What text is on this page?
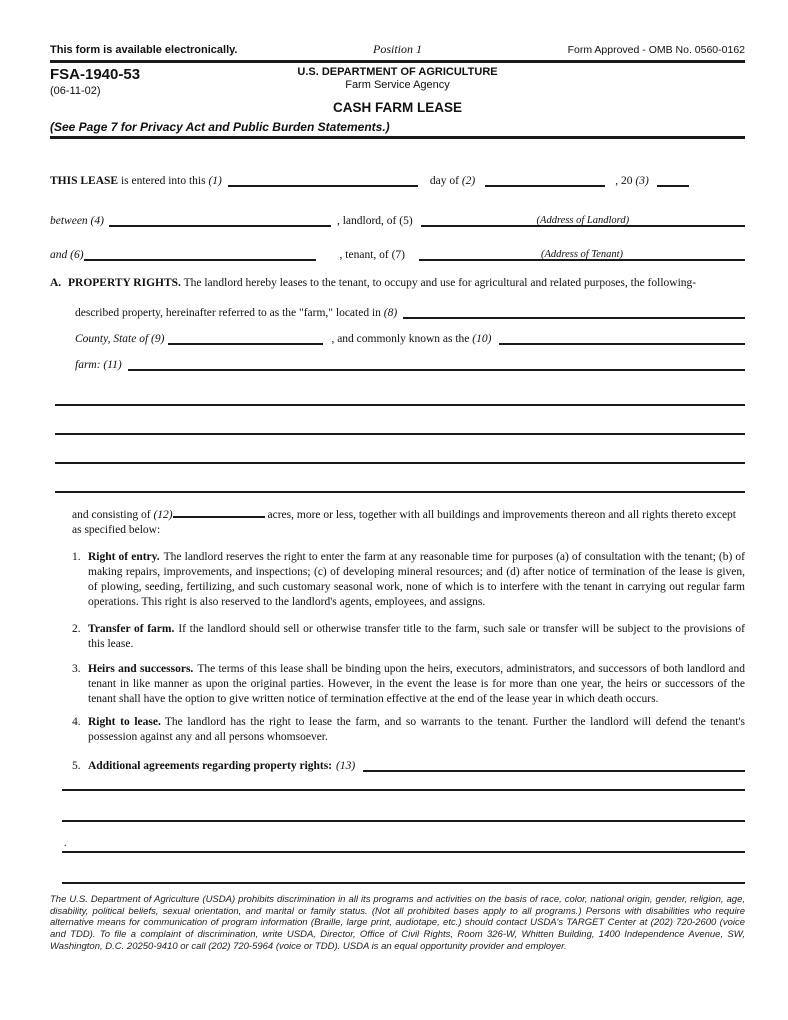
This form is available electronically.	Position 1	Form Approved - OMB No. 0560-0162
FSA-1940-53
(06-11-02)
U.S. DEPARTMENT OF AGRICULTURE
Farm Service Agency
CASH FARM LEASE
(See Page 7 for Privacy Act and Public Burden Statements.)
THIS LEASE is entered into this (1)	day of (2)	, 20 (3)
between (4)	, landlord, of (5)	(Address of Landlord)
and (6)	, tenant, of (7)	(Address of Tenant)
A. PROPERTY RIGHTS. The landlord hereby leases to the tenant, to occupy and use for agricultural and related purposes, the following-
described property, hereinafter referred to as the "farm," located in (8)
County, State of (9)	, and commonly known as the (10)
farm: (11)
and consisting of (12)	acres, more or less, together with all buildings and improvements thereon and all rights thereto except as specified below:
1. Right of entry. The landlord reserves the right to enter the farm at any reasonable time for purposes (a) of consultation with the tenant; (b) of making repairs, improvements, and inspections; (c) of developing mineral resources; and (d) after notice of termination of the lease is given, of plowing, seeding, fertilizing, and such customary seasonal work, none of which is to interfere with the tenant in carrying out regular farm operations. This right is also reserved to the landlord's agents, employees, and assigns.
2. Transfer of farm. If the landlord should sell or otherwise transfer title to the farm, such sale or transfer will be subject to the provisions of this lease.
3. Heirs and successors. The terms of this lease shall be binding upon the heirs, executors, administrators, and successors of both landlord and tenant in like manner as upon the original parties. However, in the event the lease is for more than one year, the heirs or successors of the tenant shall have the option to give written notice of termination effective at the end of the lease year in which death occurs.
4. Right to lease. The landlord has the right to lease the farm, and so warrants to the tenant. Further the landlord will defend the tenant's possession against any and all persons whomsoever.
5. Additional agreements regarding property rights: (13)
.
The U.S. Department of Agriculture (USDA) prohibits discrimination in all its programs and activities on the basis of race, color, national origin, gender, religion, age, disability, political beliefs, sexual orientation, and marital or family status. (Not all prohibited bases apply to all programs.) Persons with disabilities who require alternative means for communication of program information (Braille, large print, audiotape, etc.) should contact USDA's TARGET Center at (202) 720-2600 (voice and TDD). To file a complaint of discrimination, write USDA, Director, Office of Civil Rights, Room 326-W, Whitten Building, 1400 Independence Avenue, SW, Washington, D.C. 20250-9410 or call (202) 720-5964 (voice or TDD). USDA is an equal opportunity provider and employer.
